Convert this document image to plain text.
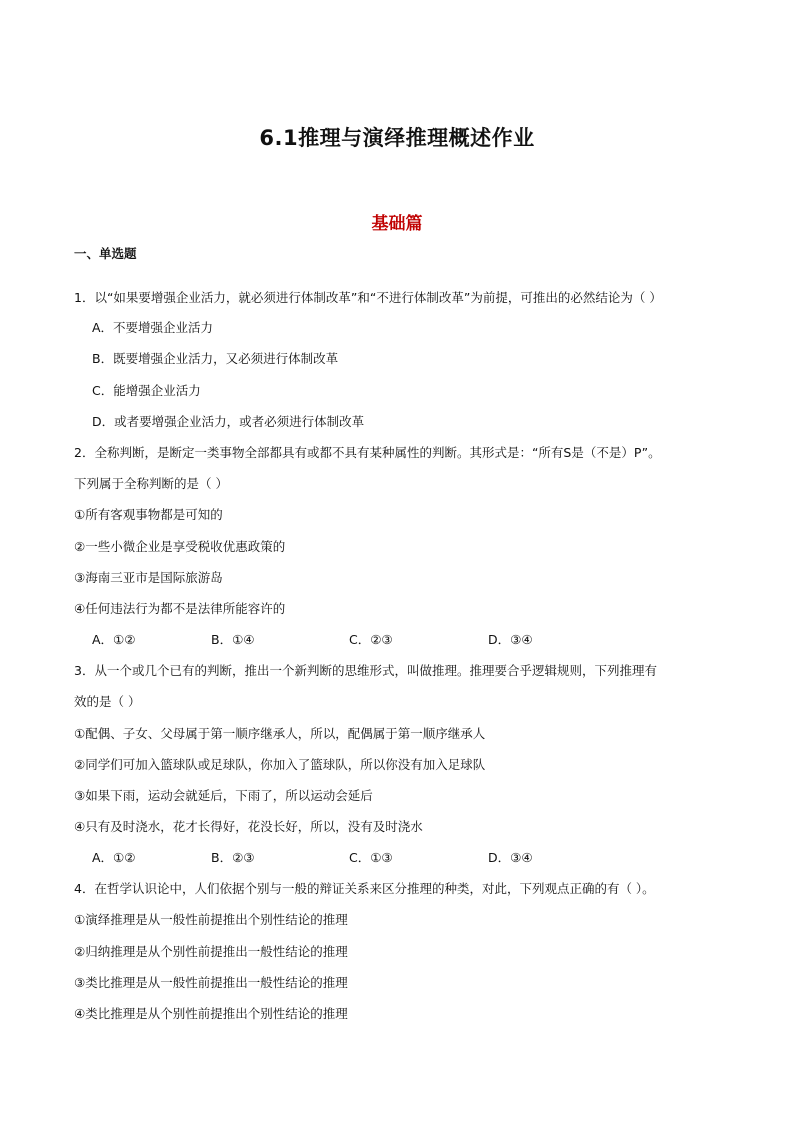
6.1推理与演绎推理概述作业
基础篇
一、单选题
1．以“如果要增强企业活力，就必须进行体制改革”和“不进行体制改革”为前提，可推出的必然结论为（ ）
A．不要增强企业活力
B．既要增强企业活力，又必须进行体制改革
C．能增强企业活力
D．或者要增强企业活力，或者必须进行体制改革
2．全称判断，是断定一类事物全部都具有或都不具有某种属性的判断。其形式是：“所有S是（不是）P”。
下列属于全称判断的是（ ）
①所有客观事物都是可知的
②一些小微企业是享受税收优惠政策的
③海南三亚市是国际旅游岛
④任何违法行为都不是法律所能容许的
A．①②	B．①④	C．②③	D．③④
3．从一个或几个已有的判断，推出一个新判断的思维形式，叫做推理。推理要合乎逻辑规则，下列推理有
效的是（ ）
①配偶、子女、父母属于第一顺序继承人，所以，配偶属于第一顺序继承人
②同学们可加入篮球队或足球队，你加入了篮球队，所以你没有加入足球队
③如果下雨，运动会就延后，下雨了，所以运动会延后
④只有及时浇水，花才长得好，花没长好，所以，没有及时浇水
A．①②	B．②③	C．①③	D．③④
4．在哲学认识论中，人们依据个别与一般的辩证关系来区分推理的种类，对此，下列观点正确的有（ ）。
①演绎推理是从一般性前提推出个别性结论的推理
②归纳推理是从个别性前提推出一般性结论的推理
③类比推理是从一般性前提推出一般性结论的推理
④类比推理是从个别性前提推出个别性结论的推理
